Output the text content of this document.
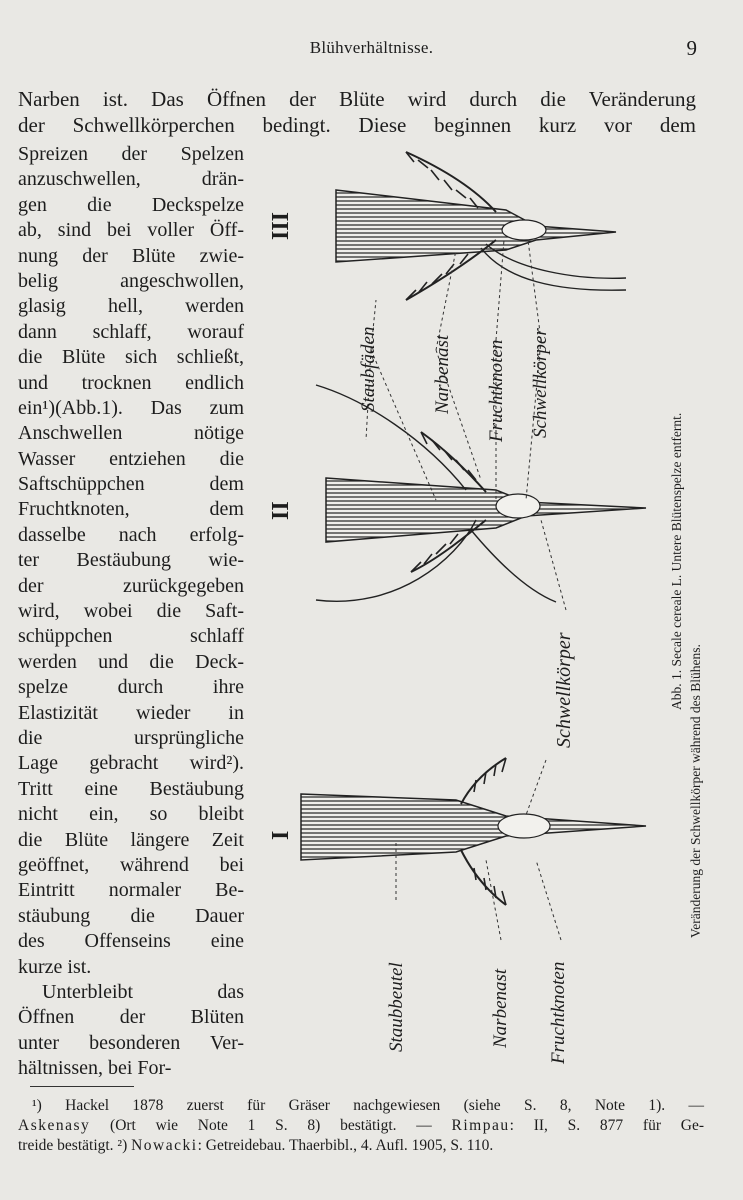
Blühverhältnisse.	9
Narben ist. Das Öffnen der Blüte wird durch die Veränderung
der Schwellkörperchen bedingt. Diese beginnen kurz vor dem
Spreizen der Spelzen
anzuschwellen, drän-
gen die Deckspelze
ab, sind bei voller Öff-
nung der Blüte zwie-
belig angeschwollen,
glasig hell, werden
dann schlaff, worauf
die Blüte sich schließt,
und trocknen endlich
ein¹)(Abb.1). Das zum
Anschwellen nötige
Wasser entziehen die
Saftschüppchen dem
Fruchtknoten, dem
dasselbe nach erfolg-
ter Bestäubung wie-
der zurückgegeben
wird, wobei die Saft-
schüppchen schlaff
werden und die Deck-
spelze durch ihre
Elastizität wieder in
die ursprüngliche
Lage gebracht wird²).
Tritt eine Bestäubung
nicht ein, so bleibt
die Blüte längere Zeit
geöffnet, während bei
Eintritt normaler Be-
stäubung die Dauer
des Offenseins eine
kurze ist.
Unterbleibt das
Öffnen der Blüten
unter besonderen Ver-
hältnissen, bei For-
III
II
I
Staubfäden	Narbenast Fruchtknoten Schwellkörper
Schwellkörper
Staubbeutel	Narbenast Fruchtknoten
Abb. 1. Secale cereale L. Untere Blütenspelze entfernt.
Veränderung der Schwellkörper während des Blühens.
¹) Hackel 1878 zuerst für Gräser nachgewiesen (siehe S. 8, Note 1). —
Askenasy (Ort wie Note 1 S. 8) bestätigt. — Rimpau: II, S. 877 für Ge-
treide bestätigt. ²) Nowacki: Getreidebau. Thaerbibl., 4. Aufl. 1905, S. 110.
